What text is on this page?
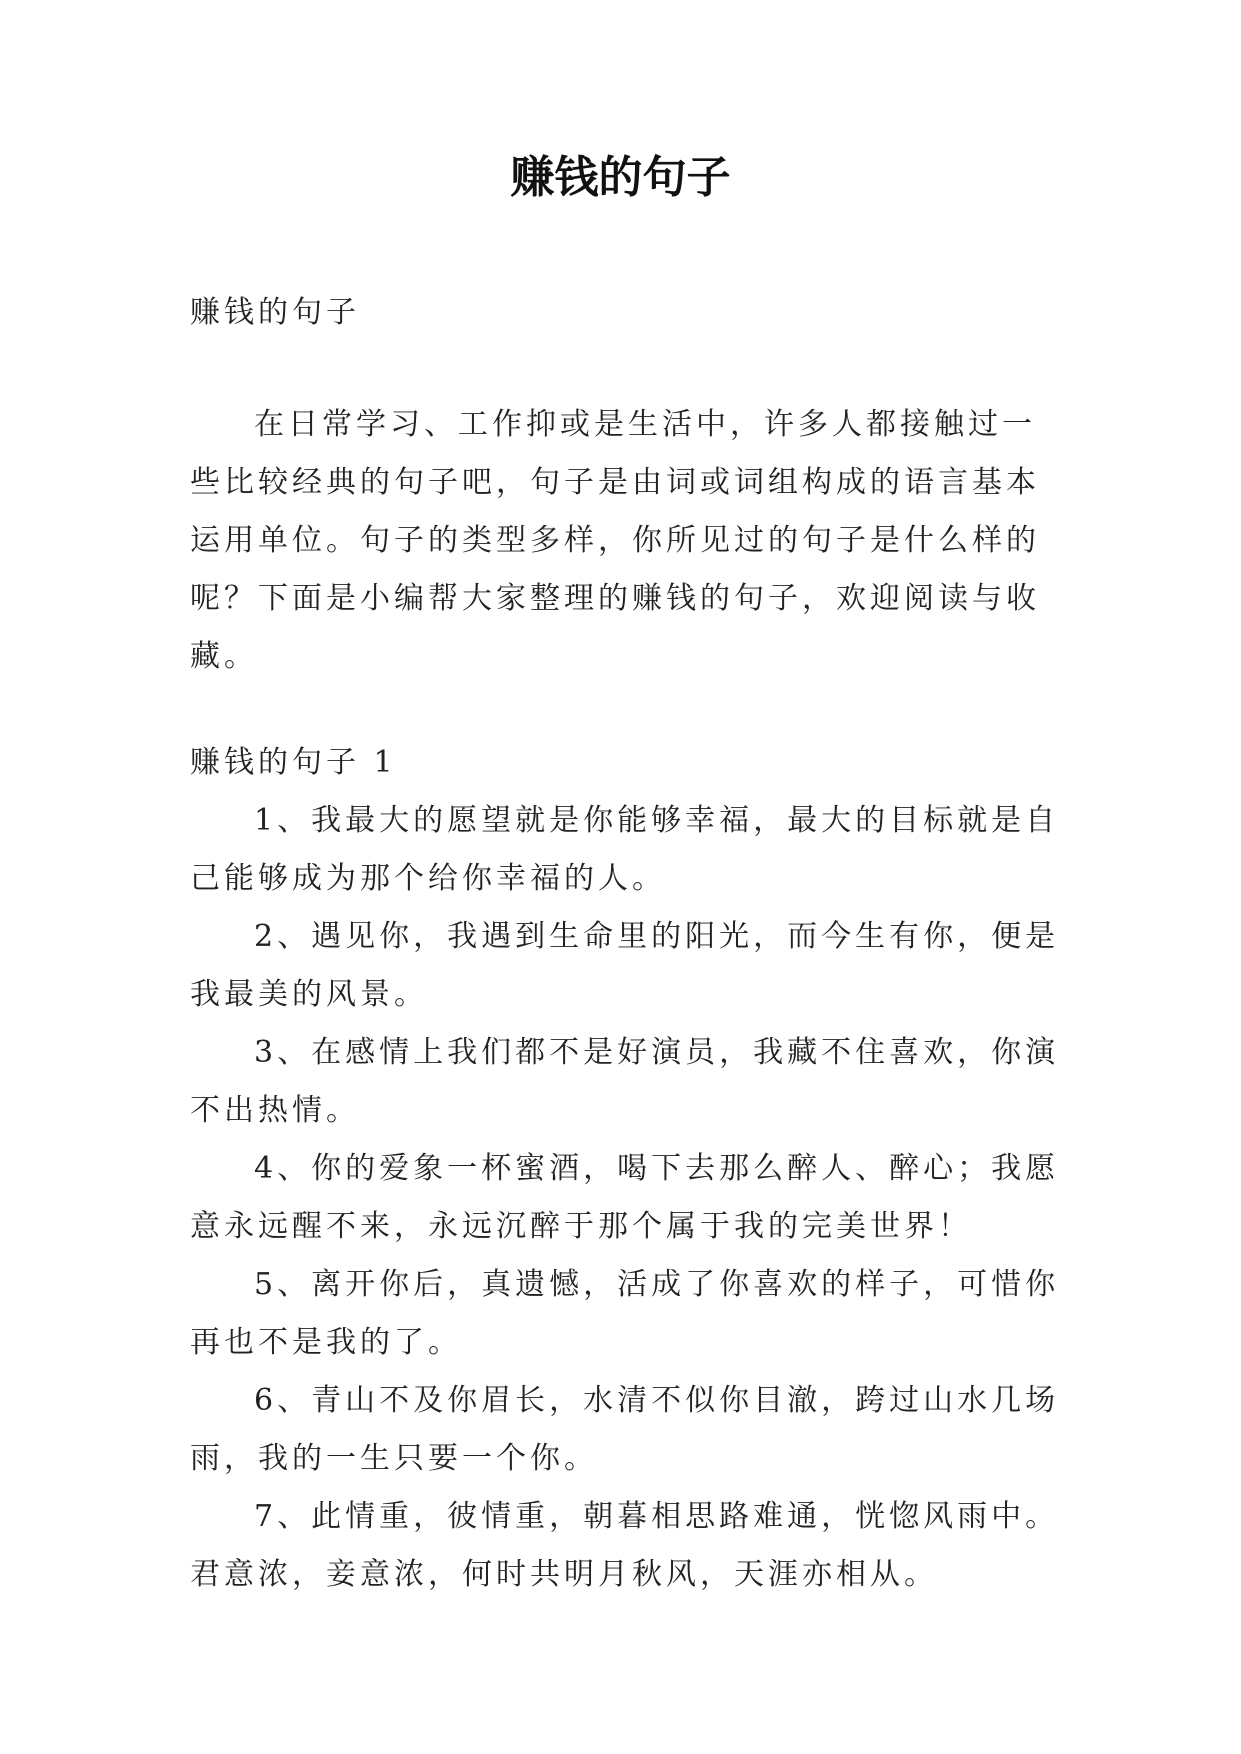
赚钱的句子

赚钱的句子

在日常学习、工作抑或是生活中，许多人都接触过一些比较经典的句子吧，句子是由词或词组构成的语言基本运用单位。句子的类型多样，你所见过的句子是什么样的呢？下面是小编帮大家整理的赚钱的句子，欢迎阅读与收藏。

赚钱的句子 1

1、我最大的愿望就是你能够幸福，最大的目标就是自己能够成为那个给你幸福的人。

2、遇见你，我遇到生命里的阳光，而今生有你，便是我最美的风景。

3、在感情上我们都不是好演员，我藏不住喜欢，你演不出热情。

4、你的爱象一杯蜜酒，喝下去那么醉人、醉心；我愿意永远醒不来，永远沉醉于那个属于我的完美世界！

5、离开你后，真遗憾，活成了你喜欢的样子，可惜你再也不是我的了。

6、青山不及你眉长，水清不似你目澈，跨过山水几场雨，我的一生只要一个你。

7、此情重，彼情重，朝暮相思路难通，恍惚风雨中。君意浓，妾意浓，何时共明月秋风，天涯亦相从。
